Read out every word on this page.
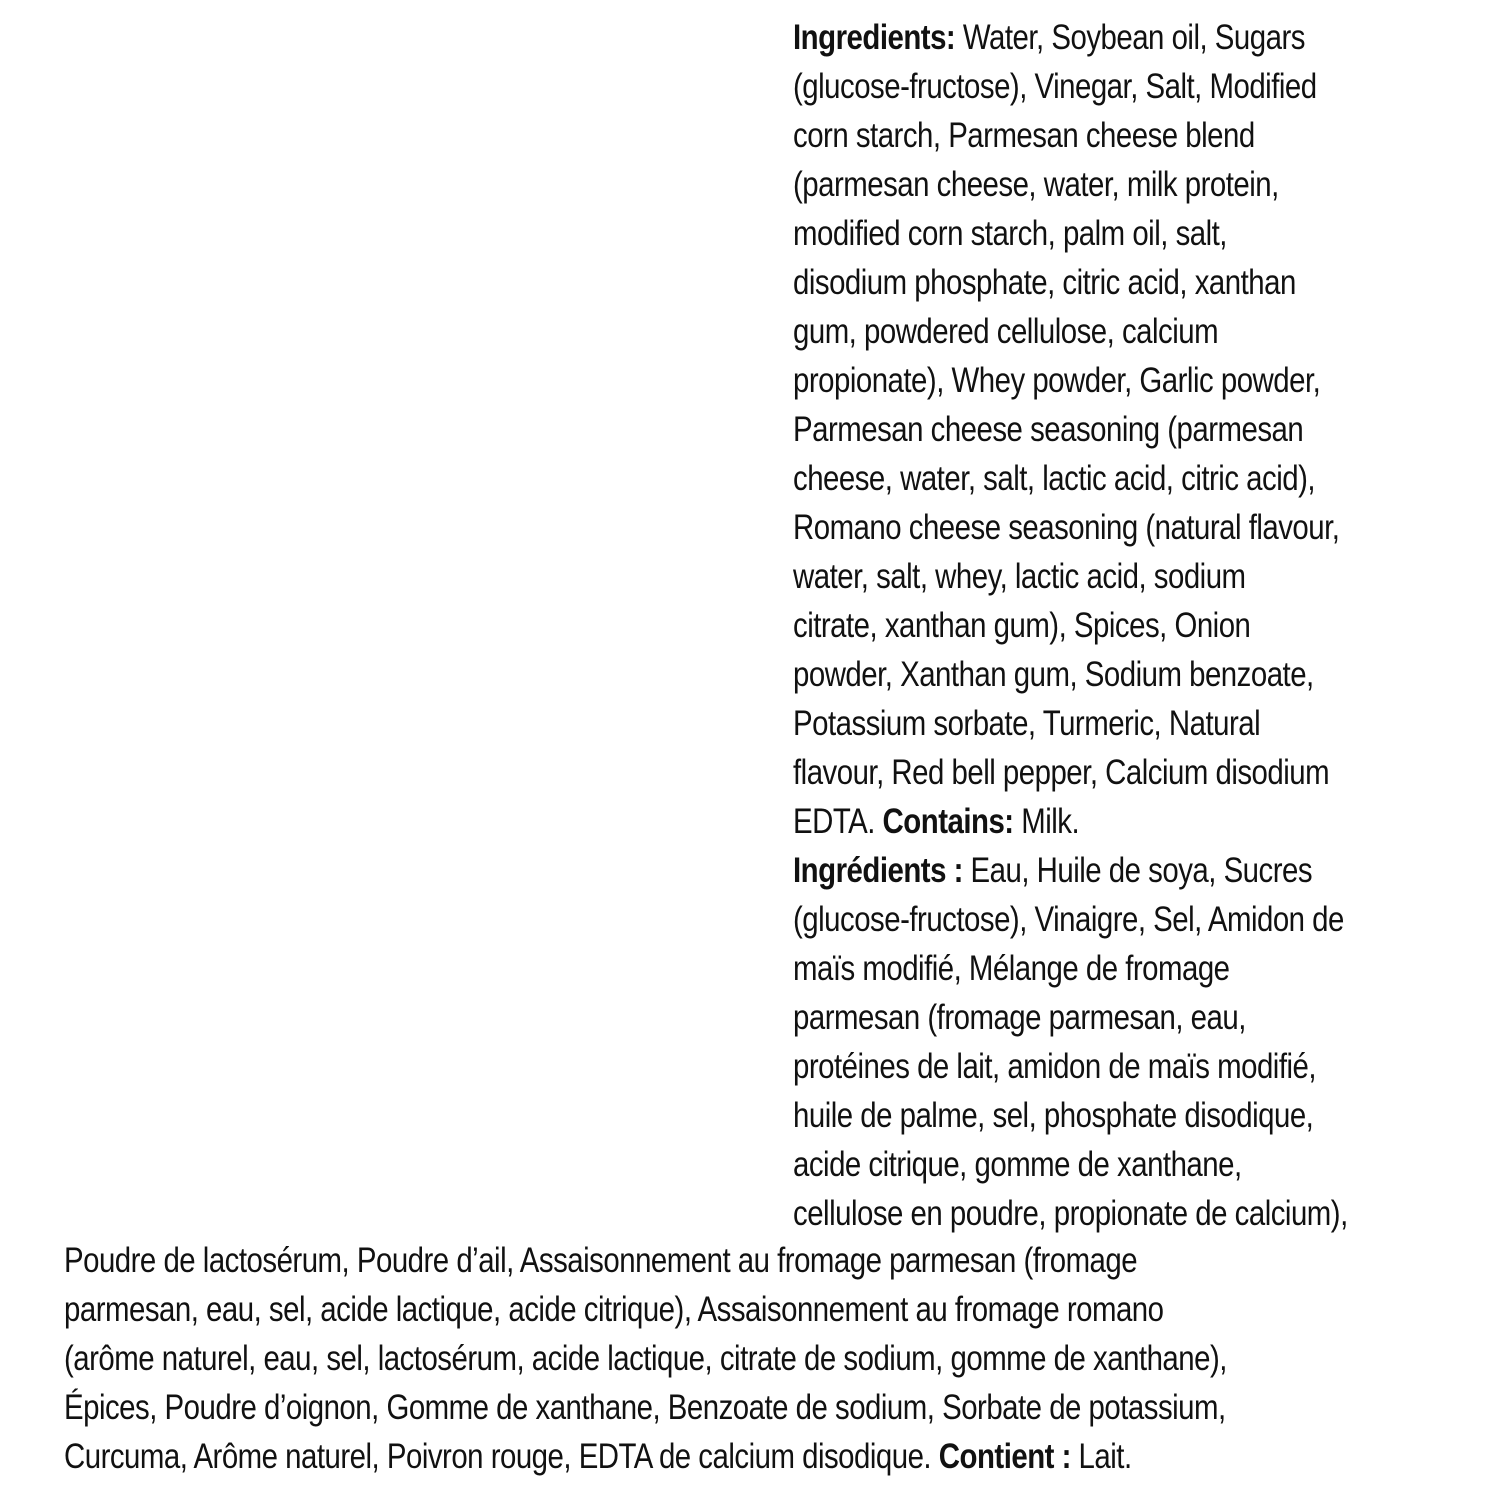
Ingredients: Water, Soybean oil, Sugars
(glucose-fructose), Vinegar, Salt, Modified
corn starch, Parmesan cheese blend
(parmesan cheese, water, milk protein,
modified corn starch, palm oil, salt,
disodium phosphate, citric acid, xanthan
gum, powdered cellulose, calcium
propionate), Whey powder, Garlic powder,
Parmesan cheese seasoning (parmesan
cheese, water, salt, lactic acid, citric acid),
Romano cheese seasoning (natural flavour,
water, salt, whey, lactic acid, sodium
citrate, xanthan gum), Spices, Onion
powder, Xanthan gum, Sodium benzoate,
Potassium sorbate, Turmeric, Natural
flavour, Red bell pepper, Calcium disodium
EDTA. Contains: Milk.
Ingrédients : Eau, Huile de soya, Sucres
(glucose-fructose), Vinaigre, Sel, Amidon de
maïs modifié, Mélange de fromage
parmesan (fromage parmesan, eau,
protéines de lait, amidon de maïs modifié,
huile de palme, sel, phosphate disodique,
acide citrique, gomme de xanthane,
cellulose en poudre, propionate de calcium),
Poudre de lactosérum, Poudre d’ail, Assaisonnement au fromage parmesan (fromage
parmesan, eau, sel, acide lactique, acide citrique), Assaisonnement au fromage romano
(arôme naturel, eau, sel, lactosérum, acide lactique, citrate de sodium, gomme de xanthane),
Épices, Poudre d’oignon, Gomme de xanthane, Benzoate de sodium, Sorbate de potassium,
Curcuma, Arôme naturel, Poivron rouge, EDTA de calcium disodique. Contient : Lait.
